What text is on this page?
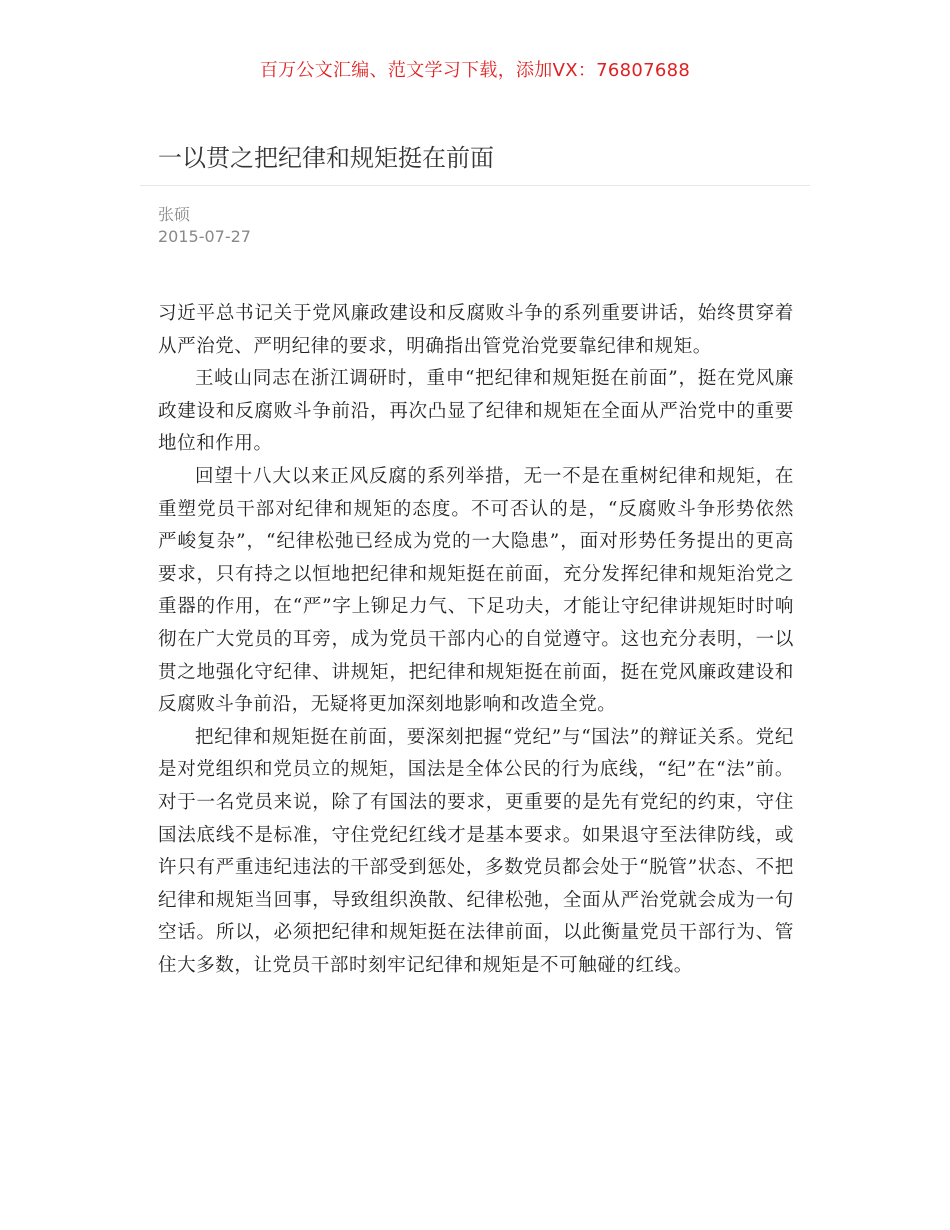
百万公文汇编、范文学习下载，添加VX：76807688
一以贯之把纪律和规矩挺在前面
张硕
2015-07-27

习近平总书记关于党风廉政建设和反腐败斗争的系列重要讲话，始终贯穿着从严治党、严明纪律的要求，明确指出管党治党要靠纪律和规矩。

王岐山同志在浙江调研时，重申“把纪律和规矩挺在前面”，挺在党风廉政建设和反腐败斗争前沿，再次凸显了纪律和规矩在全面从严治党中的重要地位和作用。

回望十八大以来正风反腐的系列举措，无一不是在重树纪律和规矩，在重塑党员干部对纪律和规矩的态度。不可否认的是，“反腐败斗争形势依然严峻复杂”，“纪律松弛已经成为党的一大隐患”，面对形势任务提出的更高要求，只有持之以恒地把纪律和规矩挺在前面，充分发挥纪律和规矩治党之重器的作用，在“严”字上铆足力气、下足功夫，才能让守纪律讲规矩时时响彻在广大党员的耳旁，成为党员干部内心的自觉遵守。这也充分表明，一以贯之地强化守纪律、讲规矩，把纪律和规矩挺在前面，挺在党风廉政建设和反腐败斗争前沿，无疑将更加深刻地影响和改造全党。

把纪律和规矩挺在前面，要深刻把握“党纪”与“国法”的辩证关系。党纪是对党组织和党员立的规矩，国法是全体公民的行为底线，“纪”在“法”前。对于一名党员来说，除了有国法的要求，更重要的是先有党纪的约束，守住国法底线不是标准，守住党纪红线才是基本要求。如果退守至法律防线，或许只有严重违纪违法的干部受到惩处，多数党员都会处于“脱管”状态、不把纪律和规矩当回事，导致组织涣散、纪律松弛，全面从严治党就会成为一句空话。所以，必须把纪律和规矩挺在法律前面，以此衡量党员干部行为、管住大多数，让党员干部时刻牢记纪律和规矩是不可触碰的红线。
